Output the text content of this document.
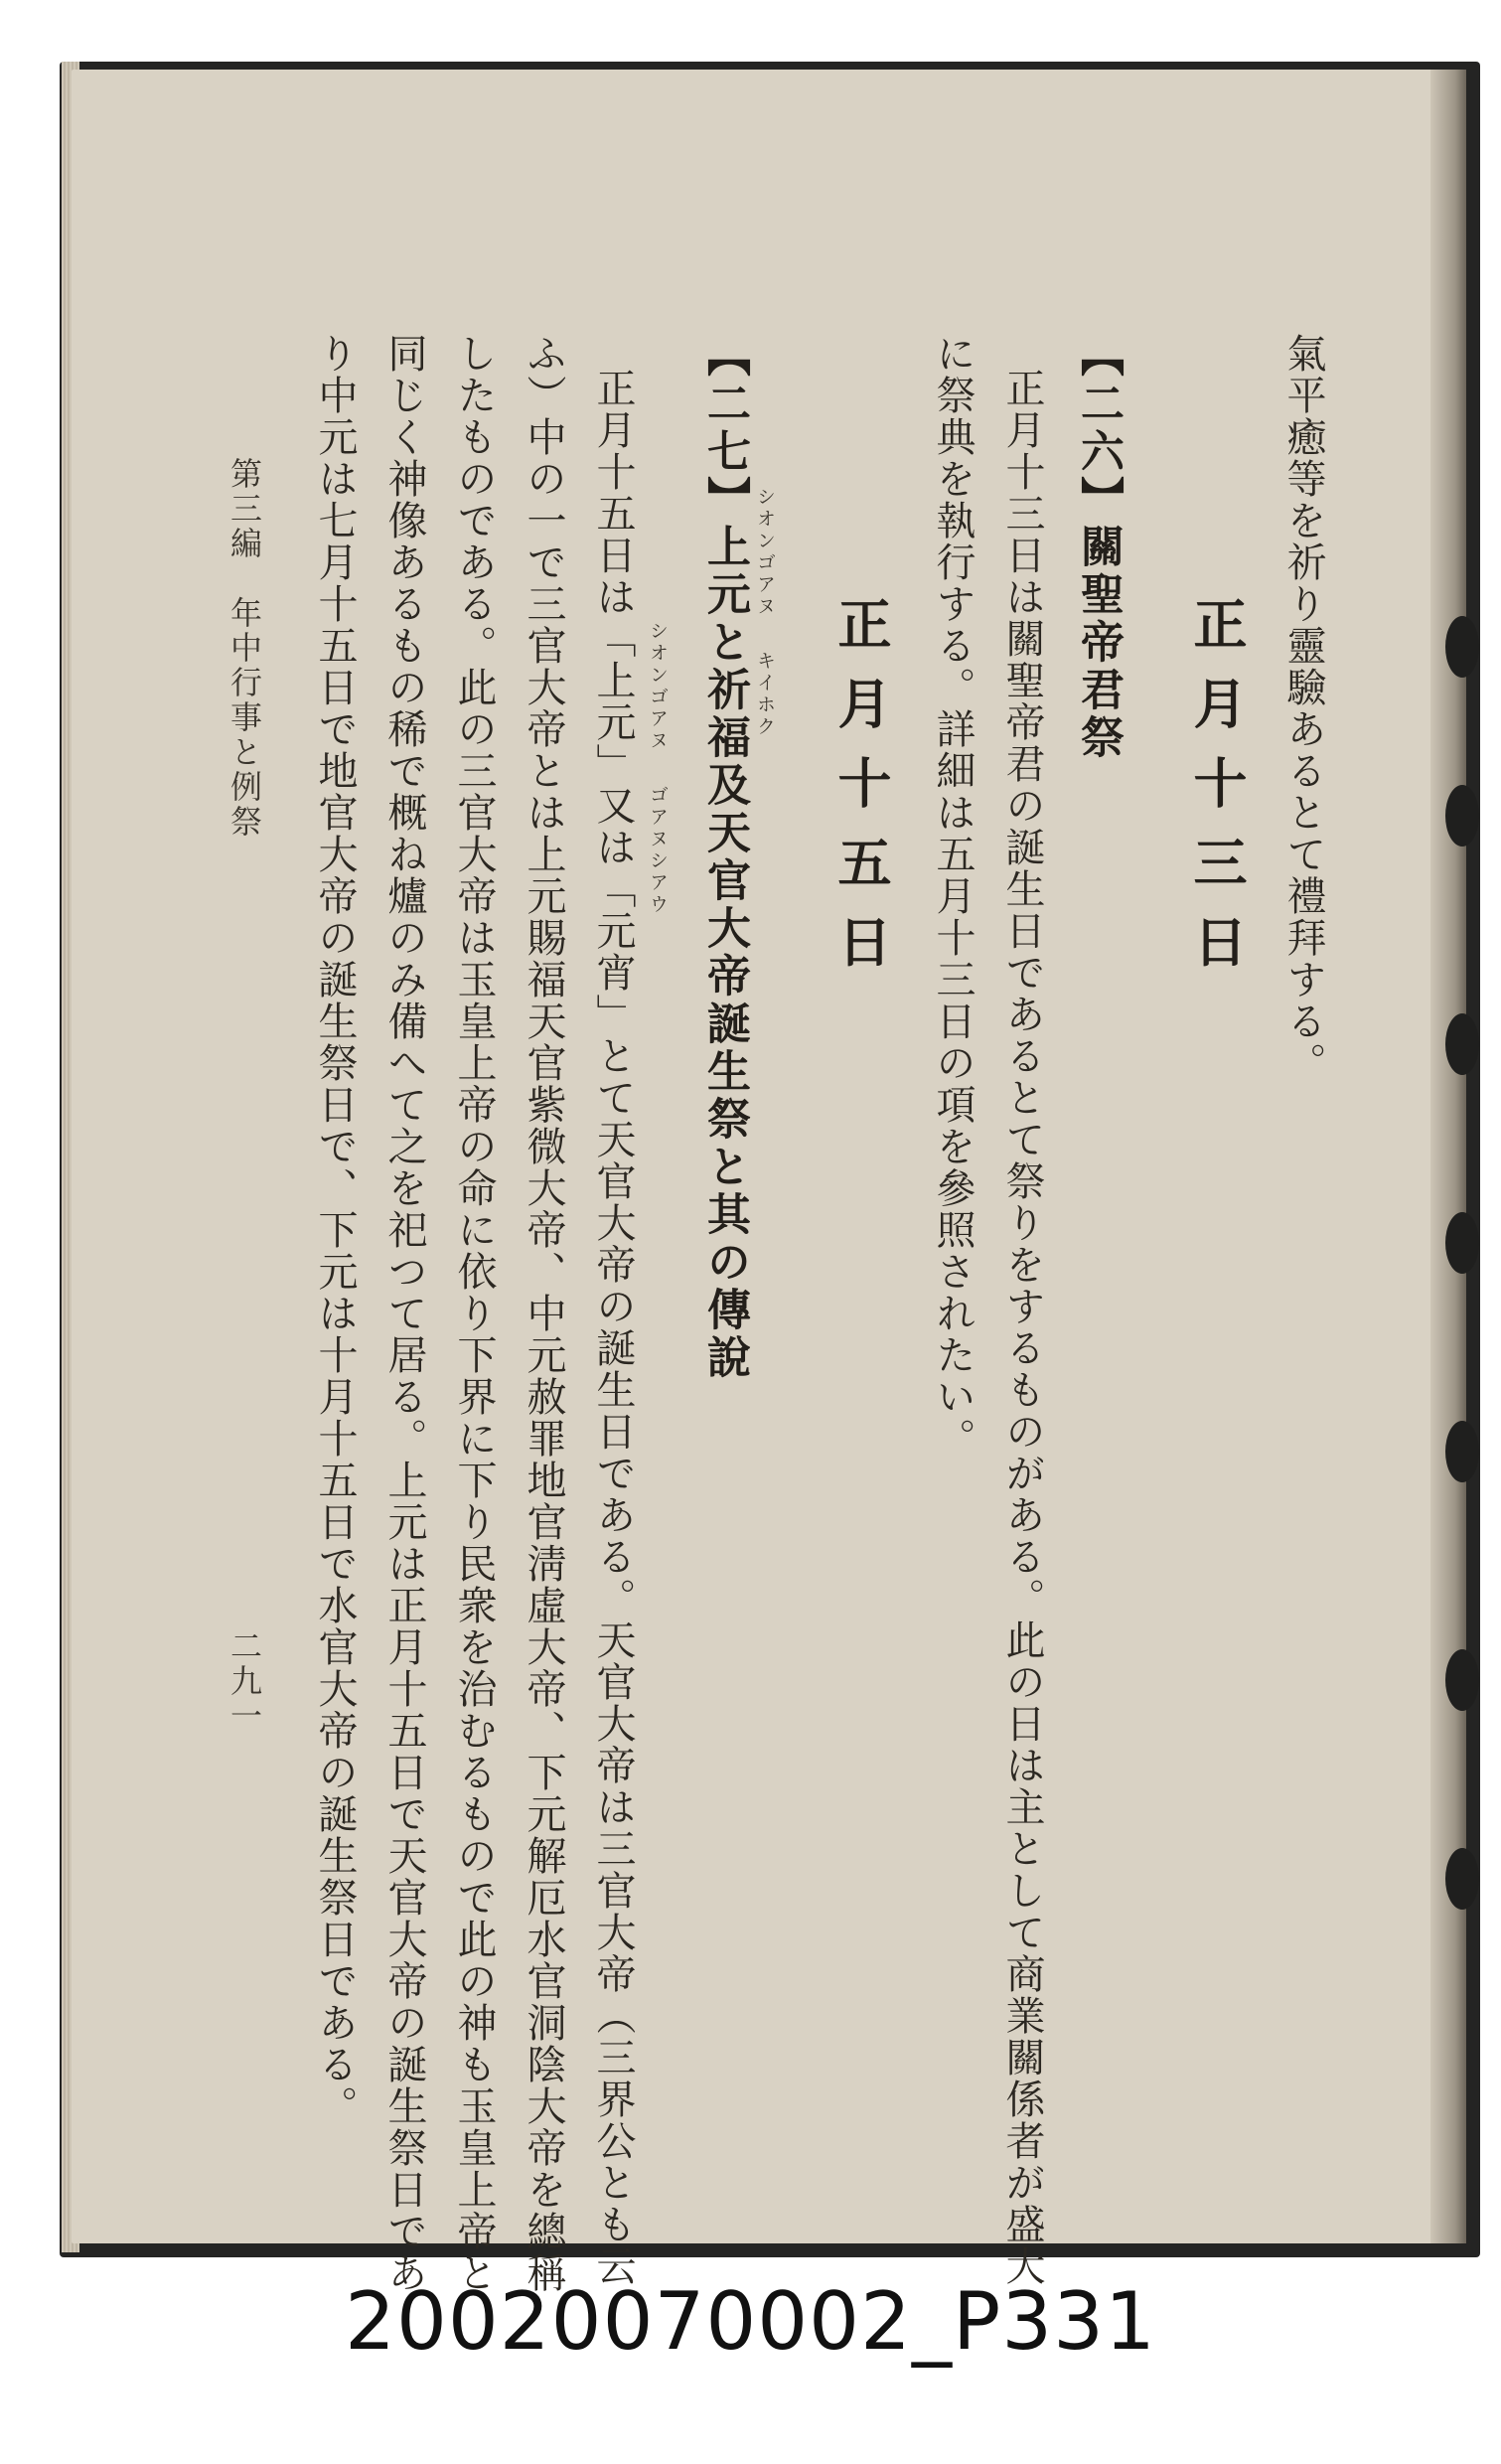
氣平癒等を祈り靈驗あるとて禮拜する。
正月十三日
【二六】關聖帝君祭
正月十三日は關聖帝君の誕生日であるとて祭りをするものがある。此の日は主として商業關係者が盛大
に祭典を執行する。詳細は五月十三日の項を參照されたい。
正月十五日
シオンゴアヌ
キイホク
【二七】上元と祈福及天官大帝誕生祭と其の傳說
シオンゴアヌ
ゴアヌシアウ
正月十五日は「上元」又は「元宵」とて天官大帝の誕生日である。天官大帝は三官大帝（三界公とも云
ふ）中の一で三官大帝とは上元賜福天官紫微大帝、中元赦罪地官淸虛大帝、下元解厄水官洞陰大帝を總稱
したものである。此の三官大帝は玉皇上帝の命に依り下界に下り民衆を治むるもので此の神も玉皇上帝と
同じく神像あるもの稀で概ね爐のみ備へて之を祀つて居る。上元は正月十五日で天官大帝の誕生祭日であ
り中元は七月十五日で地官大帝の誕生祭日で、下元は十月十五日で水官大帝の誕生祭日である。
第三編　年中行事と例祭
二九一
20020070002_P331
